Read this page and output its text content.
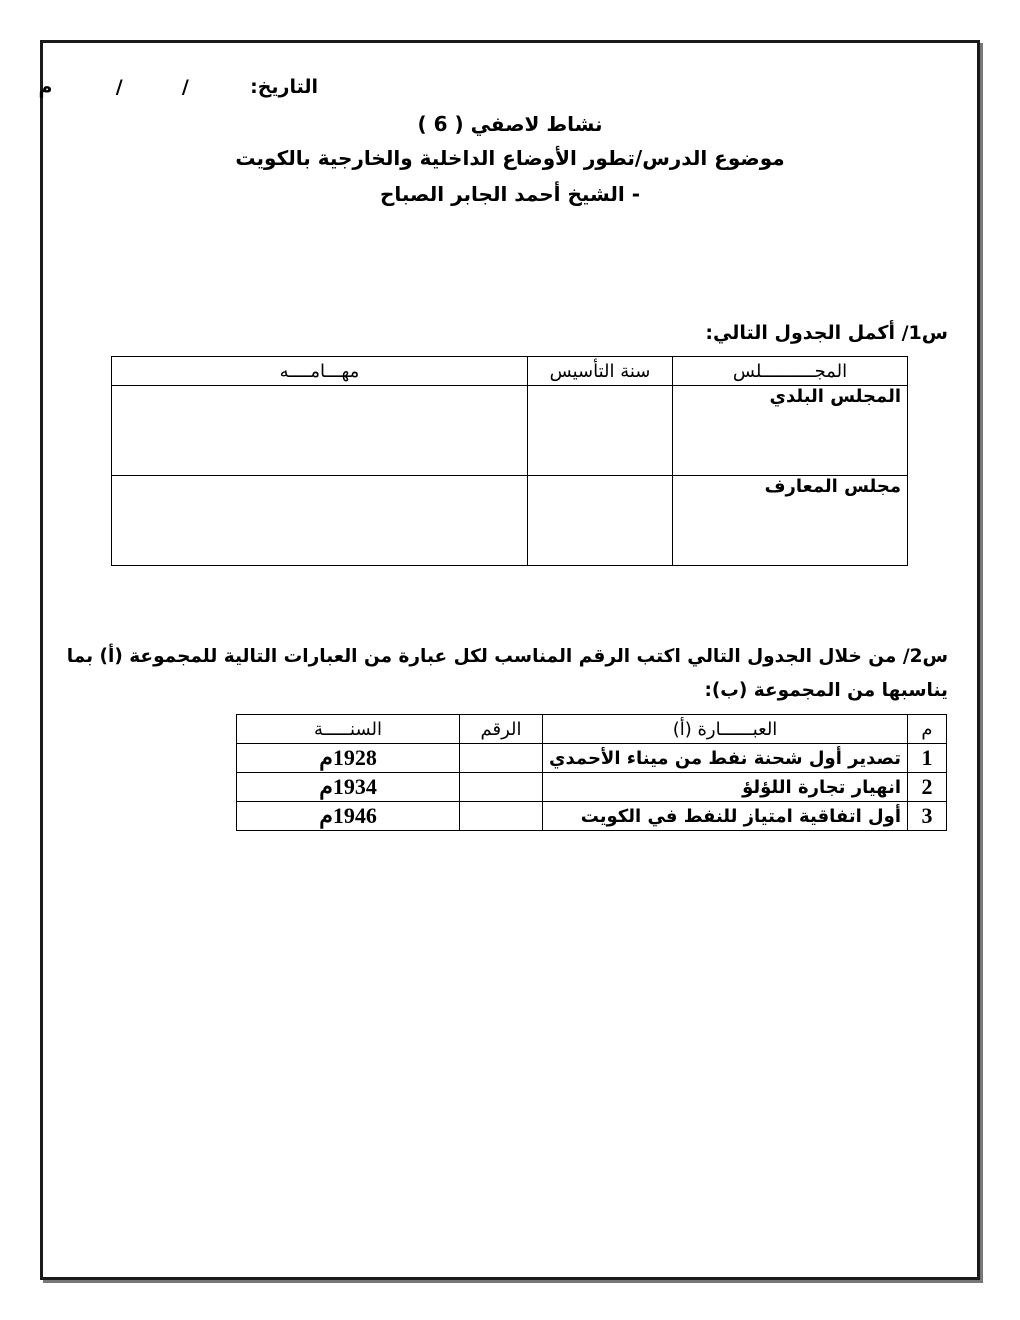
التاريخ:  /  /  م
نشاط لاصفي ( 6 )
موضوع الدرس/تطور الأوضاع الداخلية والخارجية بالكويت
- الشيخ أحمد الجابر الصباح
س1/ أكمل الجدول التالي:
المجــــــــــلس	سنة التأسيس	مهـــامــــه
المجلس البلدي		
مجلس المعارف		
س2/ من خلال الجدول التالي اكتب الرقم المناسب لكل عبارة من العبارات التالية للمجموعة (أ) بما
يناسبها من المجموعة (ب):
م	العبــــــارة (أ)	الرقم	السنـــــة
1	تصدير أول شحنة نفط من ميناء الأحمدي		1928م
2	انهيار تجارة اللؤلؤ		1934م
3	أول اتفاقية امتياز للنفط في الكويت		1946م
